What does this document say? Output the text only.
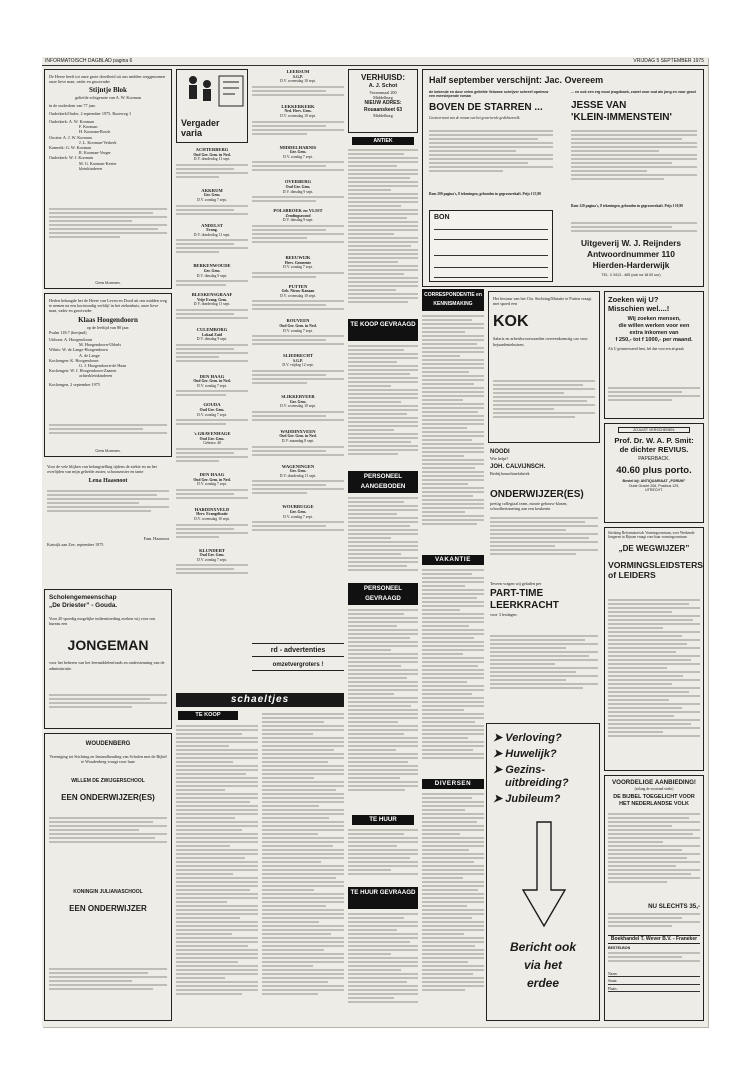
INFORMATOISCH DAGBLAD pagina 6	VRIJDAG 5 SEPTEMBER 1975
De Heere heeft tot onze grote droefheid uit ons midden weggenomen onze lieve man, vader en grootvader
Stijntje Blok
geliefde echtgenote van A. W. Kooman
in de ouderdom van 77 jaar.
Ouderkerk/Ouder, 2 september 1975, Rozeweg 1
Ouderkerk: A. W. Kooman
F. Kooman
H. Kooman-Bosch
Oosten: A. J. W. Kooman
J. L. Kooman-Verkerk
Kamerik: G. W. Kooman
R. Kooman-Verger
Ouderkerk: W. J. Kooman
M. G. Kooman-Kester
kleinkinderen
Geen bloemen.
Heden behaagde het de Heere van Leven en Dood uit ons midden weg te nemen na een kortstondig verblijf in het ziekenhuis, onze lieve man, vader en grootvader
Klaas Hoogendoorn
op de leeftijd van 80 jaar.
Psalm 118:7 (berijmd)
Uithorn: A. Hoogendoorn
M. Hoogendoorn-Ubbels
Wilnis: W. de Lange-Hoogendoorn
A. de Lange
Kockengen: K. Hoogendoorn
G. J. Hoogendoorn-de Haan
Kockengen: W. J. Hoogendoorn-Zaanen
achterkleinkinderen
Kockengen, 2 september 1975
Geen bloemen.
Voor de vele blijken van belangstelling tijdens de ziekte en na het overlijden van mijn geliefde zuster, schoonzuster en tante
Lena Haasnoot
Fam. Haasnoot
Katwijk aan Zee, september 1975
Scholengemeenschap
„De Driester” - Gouda.
Voor 20 spoedig mogelijke indiensttreding zoeken wij voor ons bureau een
JONGEMAN
voor het beheren van het leermiddelenfonds en ondersteuning van de administratie.
WOUDENBERG
Vereniging tot Stichting en Instandhouding van Scholen met de Bijbel te Woudenberg vraagt voor haar
WILLEM DE ZWIJGERSCHOOL
EEN ONDERWIJZER(ES)
KONINGIN JULIANASCHOOL
EEN ONDERWIJZER
Vergader
varia
ACHTERBERG
Oud Ger. Gem. in Ned.
D.V. donderdag 11 sept.
AKKRUM
Ger. Gem.
D.V. zondag 7 sept.
ANDELST
Evang.
D.V. donderdag 11 sept.
BERKENWOUDE
Ger. Gem.
D.V. dinsdag 9 sept.
BLESKENSGRAAF
Vrije Evang. Gem.
D.V. donderdag 11 sept.
CULEMBORG
Lokaal Zuid
D.V. dinsdag 9 sept.
DEN HAAG
Oud Ger. Gem. in Ned.
D.V. zondag 7 sept.
GOUDA
Oud Ger. Gem.
D.V. zondag 7 sept.
's GRAVENHAGE
Oud Ger. Gem.
Gebouw 40
DEN HAAG
Oud Ger. Gem. in Ned.
D.V. zondag 7 sept.
HARDINXVELD
Herv. Evangelisatie
D.V. woensdag 10 sept.
KLUNDERT
Oud Ger. Gem.
D.V. zondag 7 sept.
LEERSUM
S.G.P.
D.V. woensdag 10 sept.
LEKKERKERK
Ned. Herv. Gem.
D.V. woensdag 10 sept.
MIDDELHARNIS
Ger. Gem.
D.V. zondag 7 sept.
OVERBERG
Oud Ger. Gem.
D.V. dinsdag 9 sept.
POLSBROEK en VLIST
Zendingsavond
D.V. dinsdag 9 sept.
REEUWIJK
Herv. Gemeente
D.V. zondag 7 sept.
PUTTEN
Geb. Nieuw Kanaan
D.V. woensdag 10 sept.
ROUVEEN
Oud Ger. Gem. in Ned.
D.V. zondag 7 sept.
SLIEDRECHT
S.G.P.
D.V. vrijdag 12 sept.
SLIKKERVEER
Ger. Gem.
D.V. woensdag 10 sept.
WADDINXVEEN
Oud Ger. Gem. in Ned.
D.V. maandag 8 sept.
WAGENINGEN
Ger. Gem.
D.V. donderdag 11 sept.
WOUBRUGGE
Ger. Gem.
D.V. zondag 7 sept.
rd - advertenties
omzetvergroters !
schaeltjes
TE KOOP
VERHUISD:
A. J. Schot
Vossenmaal 200
Middelburg
NIEUW ADRES:
Rouaanskeet 63
Middelburg
ANTIEK
TE KOOP GEVRAAGD
PERSONEEL AANGEBODEN
PERSONEEL GEVRAAGD
TE HUUR
TE HUUR GEVRAAGD
CORRESPONDENTIE en KENNISMAKING
VAKANTIE
DIVERSEN
Half september verschijnt: Jac. Overeem
de bekende en door velen geliefde Veluwse schrijver schreef opnieuw een meeslepende roman
BOVEN DE STARREN ...
Geestverwant van de roman van het gevarieerde gedichtenvolk
Rom 200 pagina's, 8 tekeningen, gebonden in gegravurekaft. Prijs f 15,90
BON
... en ook een erg mooi jeugdboek, zowel voor oud als jong en voor groot
JESSE VAN
'KLEIN-IMMENSTEIN'
Rom 120 pagina's, 8 tekeningen, gebonden in gegravurekaft. Prijs f 10,90
Uitgeverij W. J. Reijnders
Antwoordnummer 110
Hierden-Harderwijk
TEL. 0 3413 - 465 (ook na 18.00 uur)
Het bestuur van het Chr. Stichting/Mutatie te Putten vraagt met spoed een
KOK
Salaris en arbeidsvoorwaarden overeenkomstig cao voor bejaardentehuizen.
NOODI
Wie helpt?
JOH. CALVIJNSCH.
Bedrijfsmachinefabriek
ONDERWIJZER(ES)
prettig collegiaal team, mooie gebouw-klasen, schoolherinnering aan een keukenin
Teveen vragen wij geladen per
PART-TIME
LEERKRACHT
voor 3 lesdagen.
➤ Verloving?
➤ Huwelijk?
➤ Gezins-
uitbreiding?
➤ Jubileum?
Bericht ook
via het
erdee
Zoeken wij U?
Misschien wel....!
Wij zoeken mensen,
die willen werken voor een
extra inkomen van
f 250,- tot f 1000,- per maand.
Als U geinteresseerd bent, bel dan voor een afspraak
ZOJUIST VERSCHENEN:
Prof. Dr. W. A. P. Smit:
de dichter REVIUS.
PAPERBACK.
40.60 plus porto.
Bestel bij: ANTIQUARIAAT „FORUM”
Oude Gracht 206, Postbus 129,
UTRECHT.
Stichting Reformatorisch Vormingscentrum, voor Werkende Jongeren in Rijssen vraagt voor haar vormingscentrum
„DE WEGWIJZER”
VORMINGSLEIDSTERS of LEIDERS
VOORDELIGE AANBIEDING!
(zolang de voorraad strekt)
DE BIJBEL TOEGELICHT VOOR HET NEDERLANDSE VOLK
NU SLECHTS 35,-
Boekhandel T. Wever B.V. - Franeker
BESTELBON
Naam:
Straat:
Plaats:
